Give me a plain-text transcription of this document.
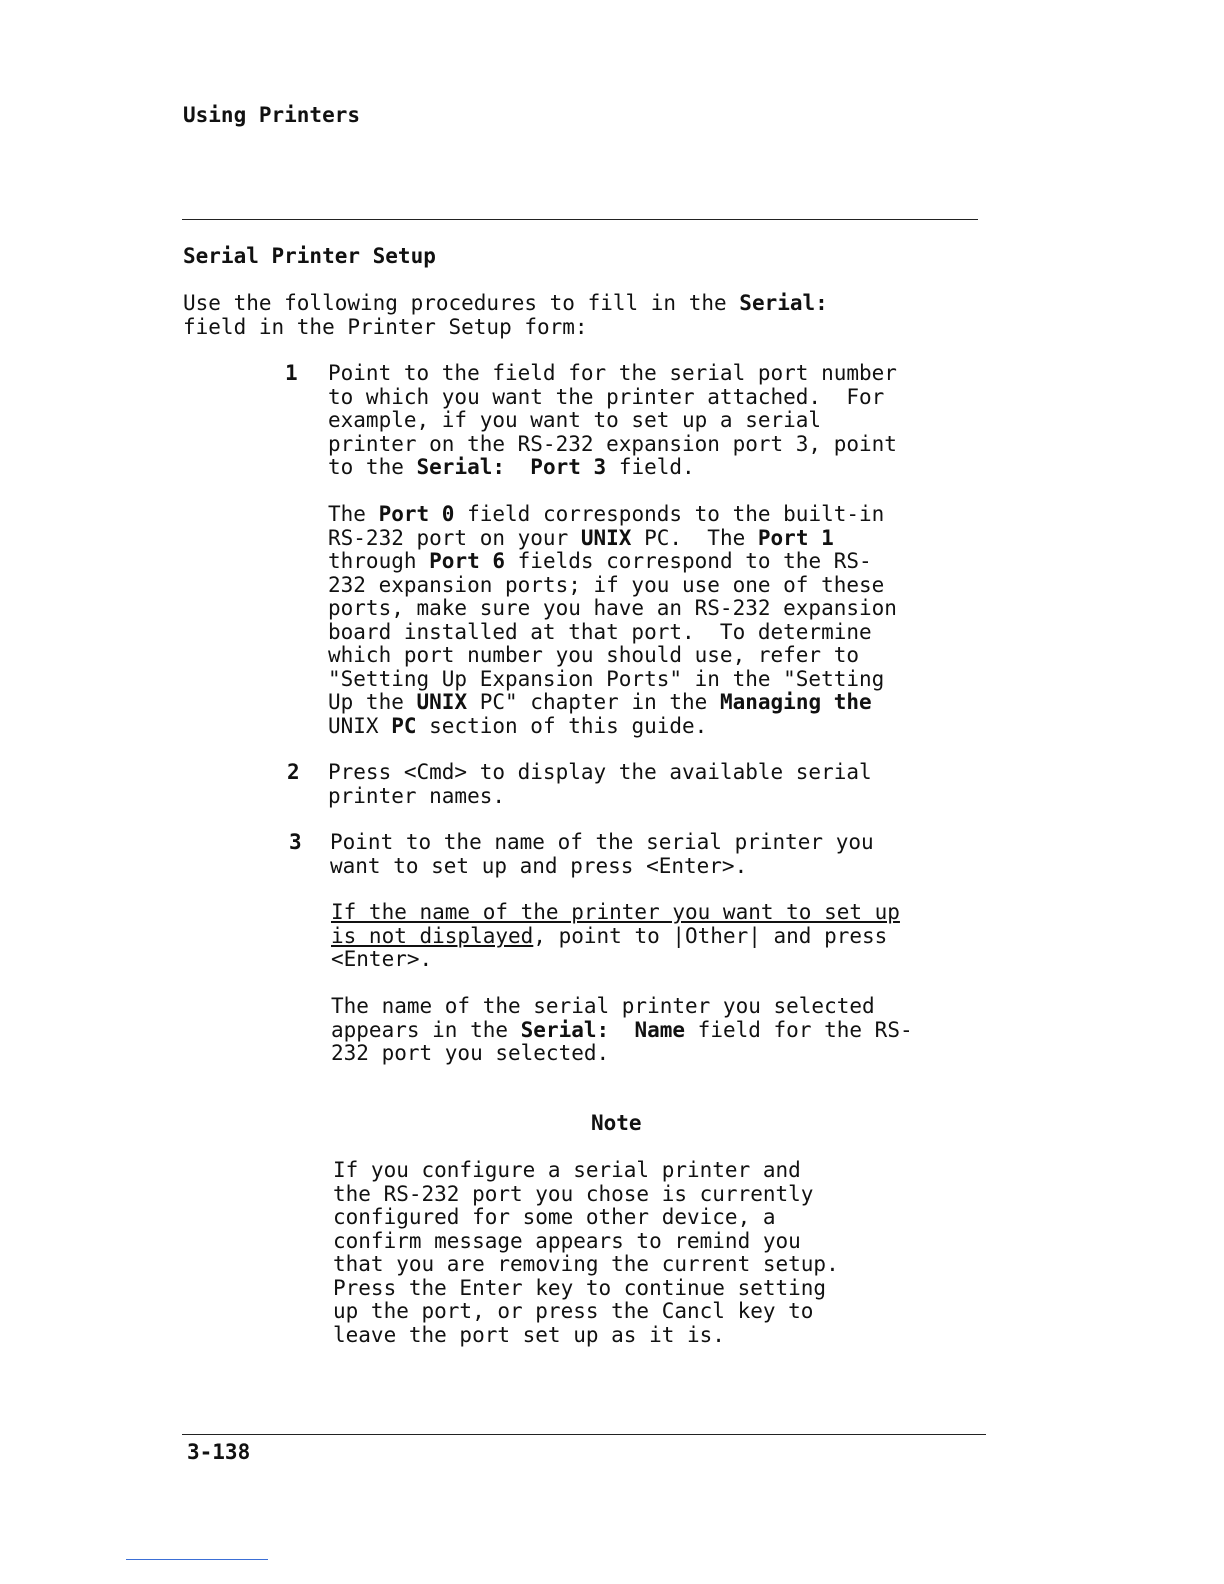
Using Printers
Serial Printer Setup
Use the following procedures to fill in the Serial:
field in the Printer Setup form:
1 Point to the field for the serial port number
to which you want the printer attached.  For
example, if you want to set up a serial
printer on the RS-232 expansion port 3, point
to the Serial:  Port 3 field.
The Port 0 field corresponds to the built-in
RS-232 port on your UNIX PC.  The Port 1
through Port 6 fields correspond to the RS-
232 expansion ports; if you use one of these
ports, make sure you have an RS-232 expansion
board installed at that port.  To determine
which port number you should use, refer to
"Setting Up Expansion Ports" in the "Setting
Up the UNIX PC" chapter in the Managing the
UNIX PC section of this guide.
2 Press <Cmd> to display the available serial
printer names.
3 Point to the name of the serial printer you
want to set up and press <Enter>.
If the name of the printer you want to set up
is not displayed, point to |Other| and press
<Enter>.
The name of the serial printer you selected
appears in the Serial:  Name field for the RS-
232 port you selected.
Note
If you configure a serial printer and
the RS-232 port you chose is currently
configured for some other device, a
confirm message appears to remind you
that you are removing the current setup.
Press the Enter key to continue setting
up the port, or press the Cancl key to
leave the port set up as it is.
3-138
